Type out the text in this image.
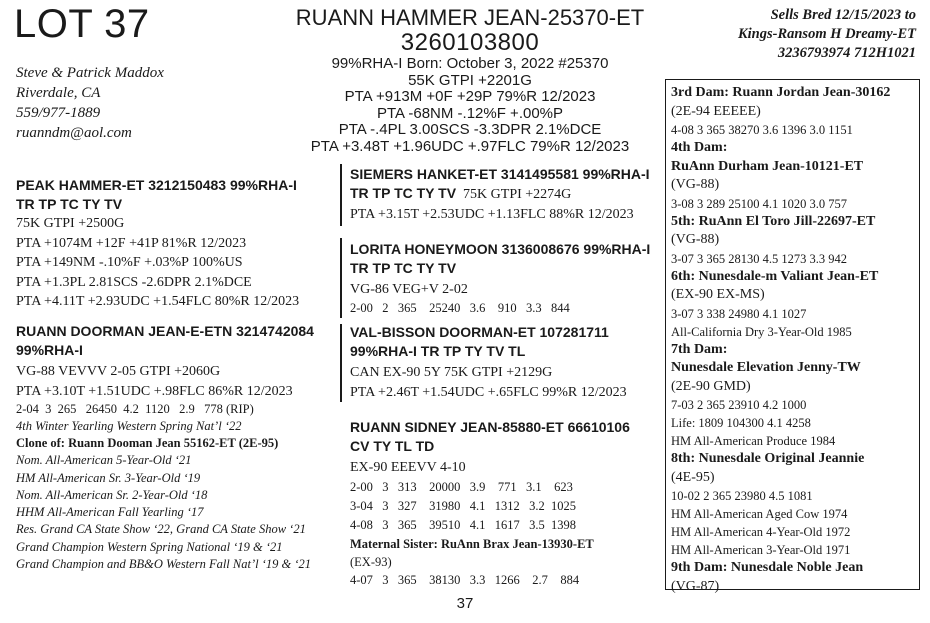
LOT 37
Steve & Patrick Maddox
Riverdale, CA
559/977-1889
ruanndm@aol.com
RUANN HAMMER JEAN-25370-ET
3260103800
99%RHA-I Born: October 3, 2022 #25370
55K GTPI +2201G
PTA +913M +0F +29P 79%R 12/2023
PTA -68NM -.12%F +.00%P
PTA -.4PL 3.00SCS -3.3DPR 2.1%DCE
PTA +3.48T +1.96UDC +.97FLC 79%R 12/2023
Sells Bred 12/15/2023 to
Kings-Ransom H Dreamy-ET
3236793974 712H1021
PEAK HAMMER-ET 3212150483 99%RHA-I
TR TP TC TY TV
75K GTPI +2500G
PTA +1074M +12F +41P 81%R 12/2023
PTA +149NM -.10%F +.03%P 100%US
PTA +1.3PL 2.81SCS -2.6DPR 2.1%DCE
PTA +4.11T +2.93UDC +1.54FLC 80%R 12/2023
RUANN DOORMAN JEAN-E-ETN 3214742084
99%RHA-I
VG-88 VEVVV 2-05 GTPI +2060G
PTA +3.10T +1.51UDC +.98FLC 86%R 12/2023
2-04  3  265   26450  4.2  1120   2.9   778 (RIP)
4th Winter Yearling Western Spring Nat’l ‘22
Clone of: Ruann Dooman Jean 55162-ET (2E-95)
Nom. All-American 5-Year-Old ‘21
HM All-American Sr. 3-Year-Old ‘19
Nom. All-American Sr. 2-Year-Old ‘18
HHM All-American Fall Yearling ‘17
Res. Grand CA State Show ‘22, Grand CA State Show ‘21
Grand Champion Western Spring National ‘19 & ‘21
Grand Champion and BB&O Western Fall Nat’l ‘19 & ‘21
SIEMERS HANKET-ET 3141495581 99%RHA-I
TR TP TC TY TV 75K GTPI +2274G
PTA +3.15T +2.53UDC +1.13FLC 88%R 12/2023
LORITA HONEYMOON 3136008676 99%RHA-I
TR TP TC TY TV
VG-86 VEG+V 2-02
2-00   2   365    25240   3.6    910   3.3   844
VAL-BISSON DOORMAN-ET 107281711
99%RHA-I TR TP TY TV TL
CAN EX-90 5Y 75K GTPI +2129G
PTA +2.46T +1.54UDC +.65FLC 99%R 12/2023
RUANN SIDNEY JEAN-85880-ET 66610106
CV TY TL TD
EX-90 EEEVV 4-10
2-00   3   313    20000   3.9    771   3.1    623
3-04   3   327    31980   4.1   1312   3.2  1025
4-08   3   365    39510   4.1   1617   3.5  1398
Maternal Sister: RuAnn Brax Jean-13930-ET
(EX-93)
4-07   3   365    38130   3.3   1266    2.7    884
3rd Dam: Ruann Jordan Jean-30162
(2E-94 EEEEE)
4-08 3 365 38270 3.6 1396 3.0 1151
4th Dam:
RuAnn Durham Jean-10121-ET
(VG-88)
3-08 3 289 25100 4.1 1020 3.0 757
5th: RuAnn El Toro Jill-22697-ET
(VG-88)
3-07 3 365 28130 4.5 1273 3.3 942
6th: Nunesdale-m Valiant Jean-ET
(EX-90 EX-MS)
3-07 3 338 24980 4.1 1027
All-California Dry 3-Year-Old 1985
7th Dam:
Nunesdale Elevation Jenny-TW
(2E-90 GMD)
7-03 2 365 23910 4.2 1000
Life: 1809 104300 4.1 4258
HM All-American Produce 1984
8th: Nunesdale Original Jeannie
(4E-95)
10-02 2 365 23980 4.5 1081
HM All-American Aged Cow 1974
HM All-American 4-Year-Old 1972
HM All-American 3-Year-Old 1971
9th Dam: Nunesdale Noble Jean
(VG-87)
37
